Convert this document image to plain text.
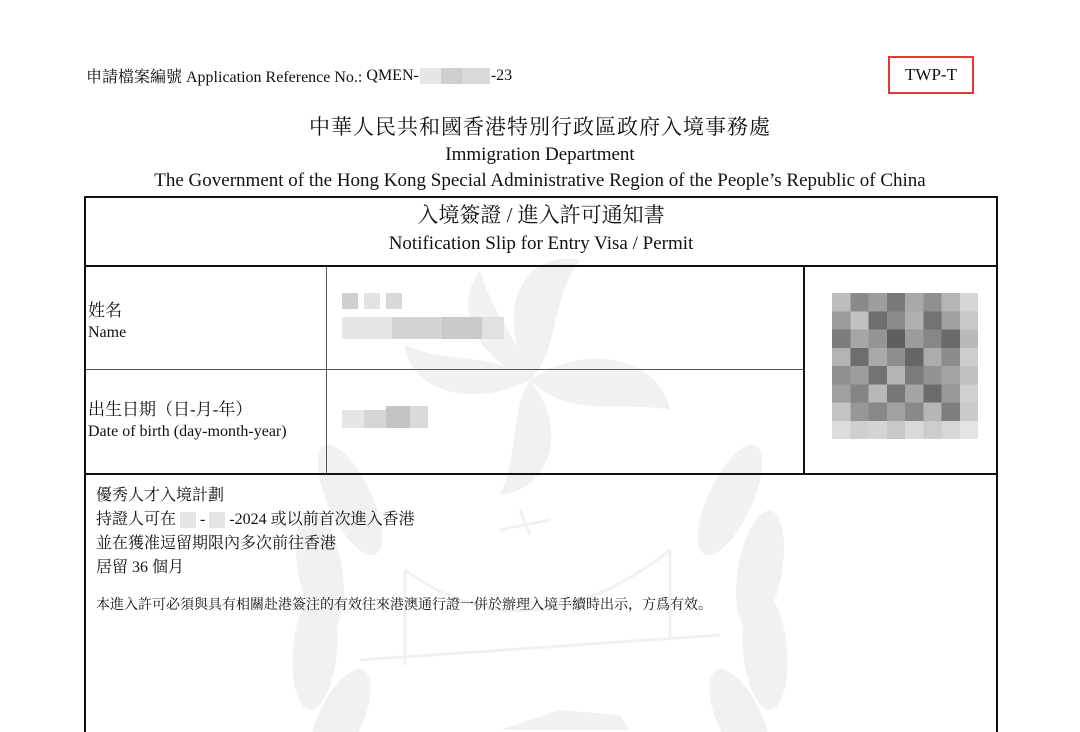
申請檔案編號 Application Reference No.:
QMEN-	-23	TWP-T
中華人民共和國香港特別行政區政府入境事務處
Immigration Department
The Government of the Hong Kong Special Administrative Region of the People’s Republic of China
入境簽證 / 進入許可通知書
Notification Slip for Entry Visa / Permit
姓名
Name
出生日期（日-月-年）
Date of birth (day-month-year)
優秀人才入境計劃
持證人可在 - -2024 或以前首次進入香港
並在獲准逗留期限內多次前往香港
居留 36 個月
本進入許可必須與具有相關赴港簽注的有效往來港澳通行證一併於辦理入境手續時出示，方爲有效。
